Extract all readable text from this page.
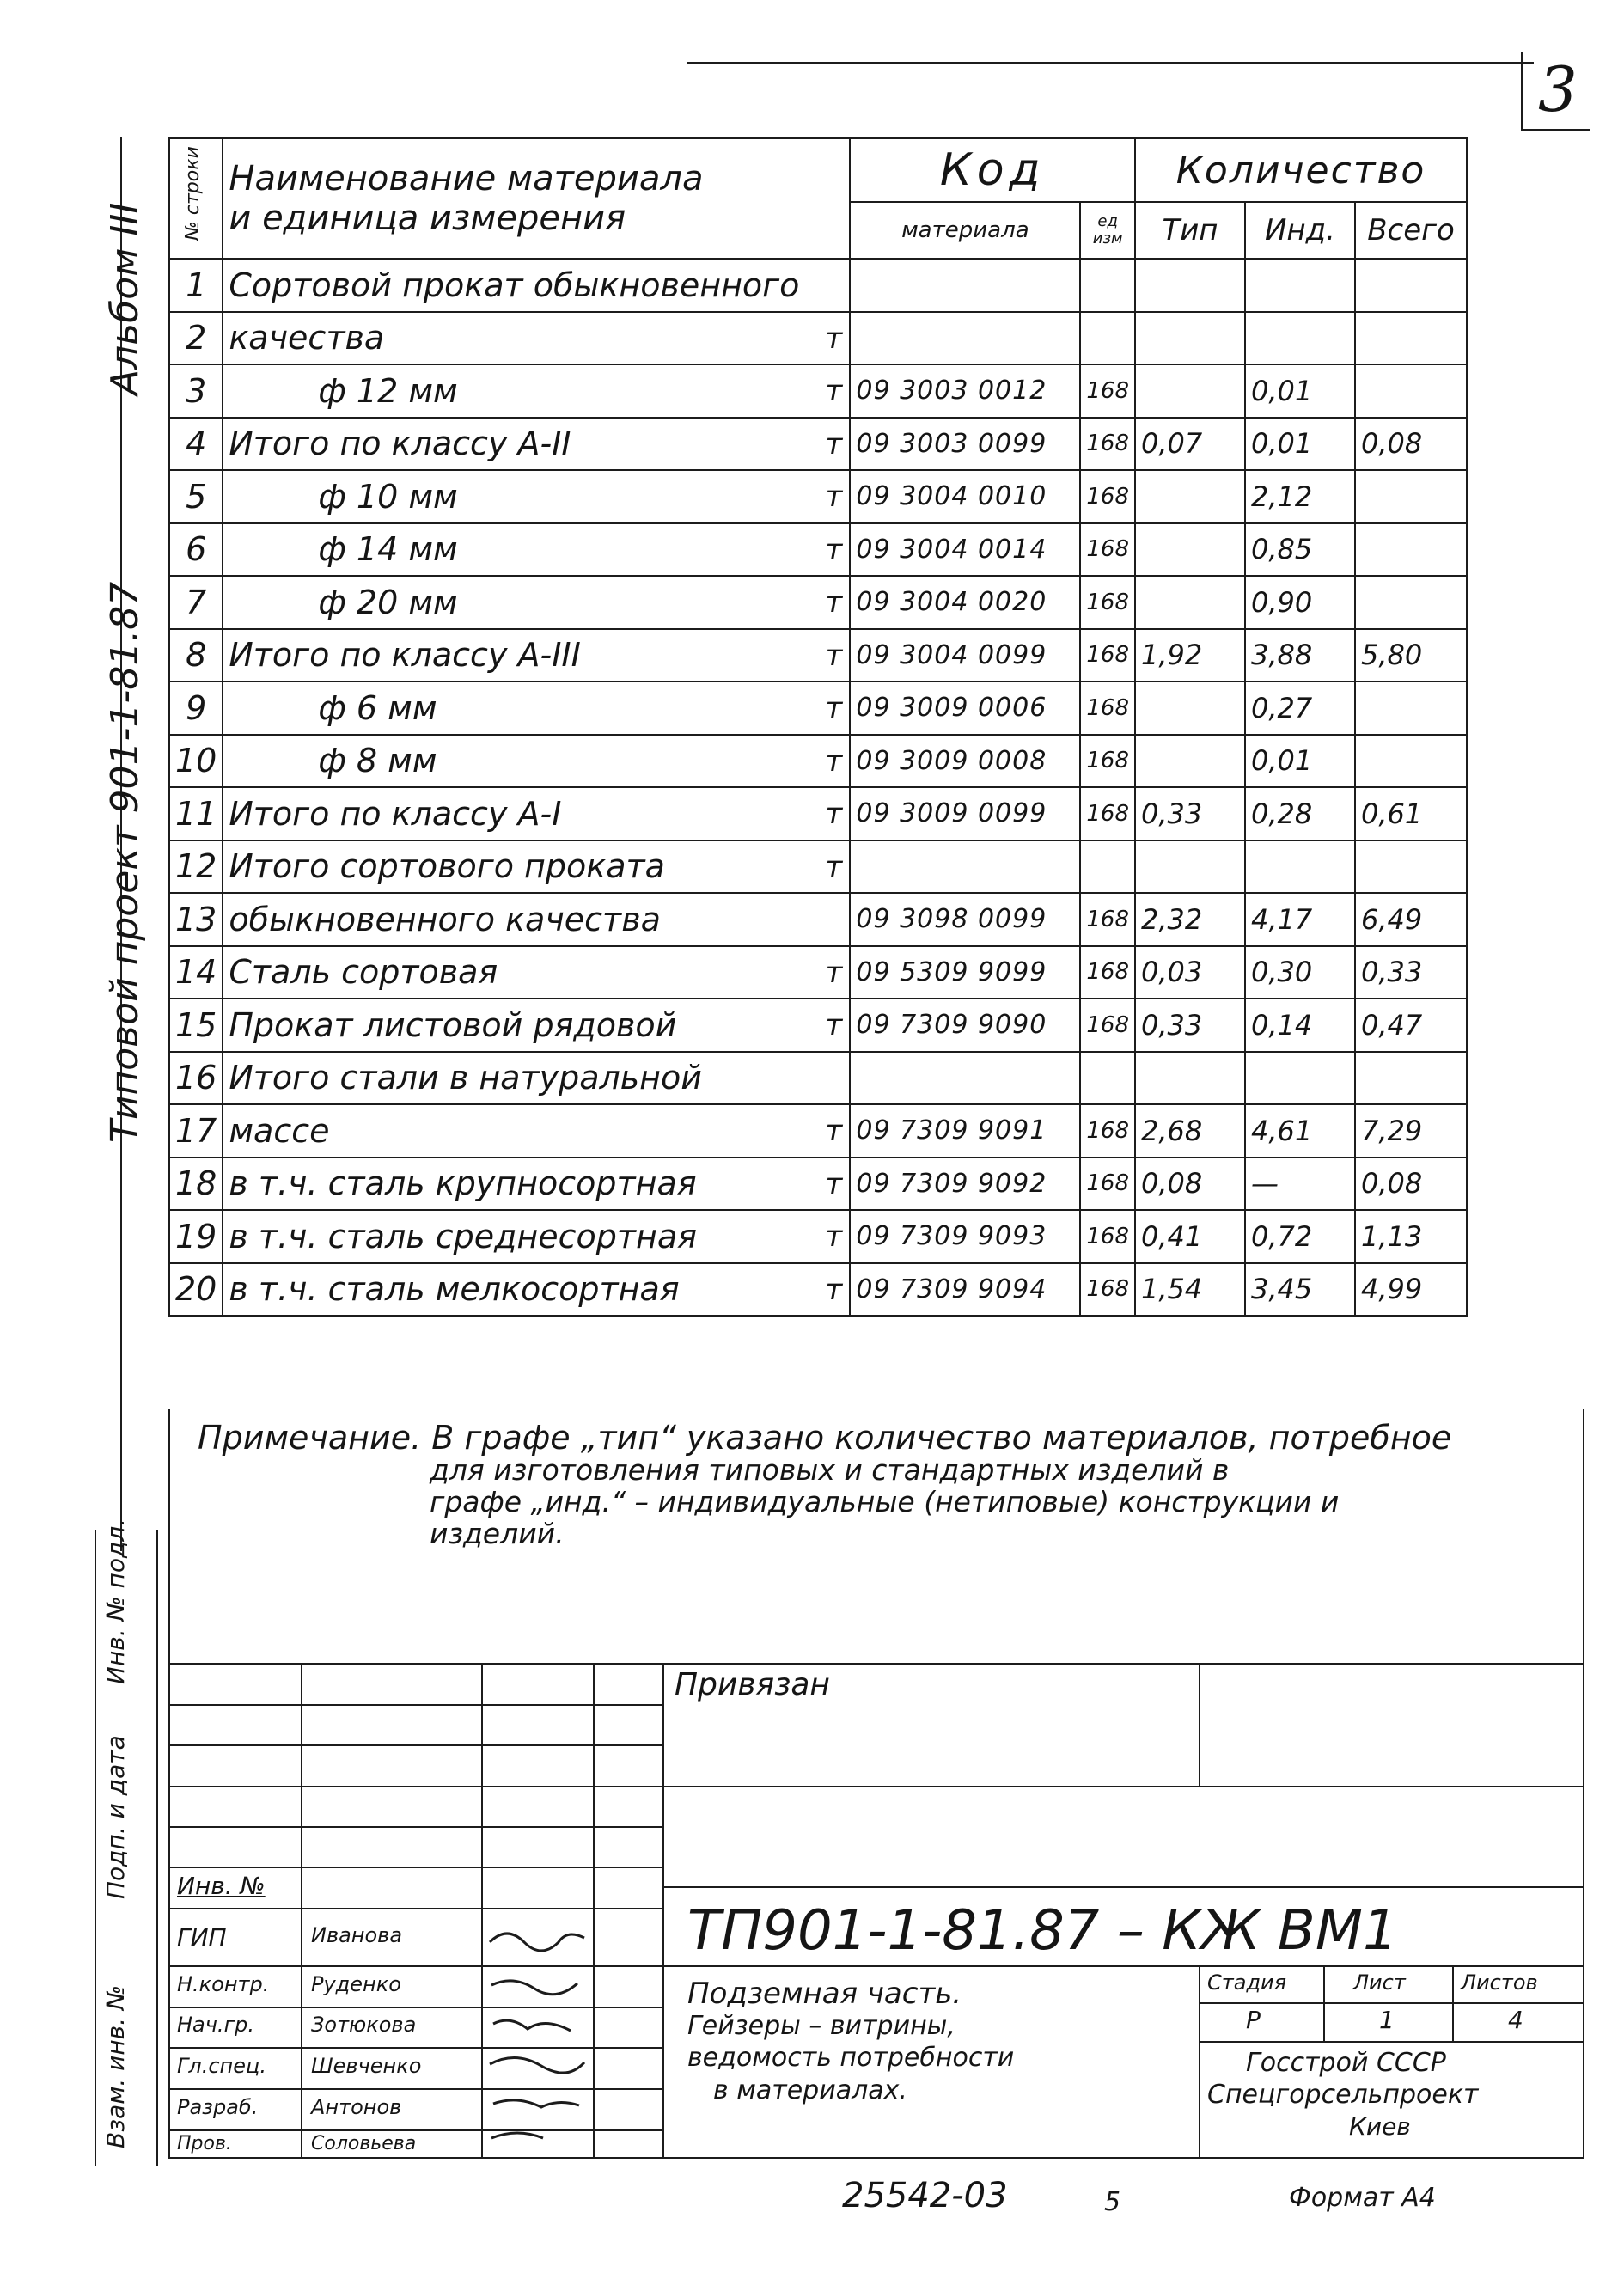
3
Альбом III
Типовой проект 901-1-81.87
Подп. и дата
Инв. № подл.
Взам. инв. №
№ строки	Наименование материала
и единица измерения	Код		Количество		
		материала	ед изм	Тип	Инд.	Всего
1	Сортовой прокат обыкновенного

2	качества т					

3	ф 12 мм т	09 3003 0012	168		0,01	
4	Итого по классу А-II т	09 3003 0099	168	0,07	0,01	0,08
5	ф 10 мм т	09 3004 0010	168		2,12	
6	ф 14 мм т	09 3004 0014	168		0,85	
7	ф 20 мм т	09 3004 0020	168		0,90	
8	Итого по классу А-III т	09 3004 0099	168	1,92	3,88	5,80
9	ф 6 мм т	09 3009 0006	168		0,27	
10	ф 8 мм т	09 3009 0008	168		0,01	
11	Итого по классу А-I т	09 3009 0099	168	0,33	0,28	0,61
12	Итого сортового проката т					

13	обыкновенного качества	09 3098 0099	168	2,32	4,17	6,49
14	Сталь сортовая т	09 5309 9099	168	0,03	0,30	0,33
15	Прокат листовой рядовой т	09 7309 9090	168	0,33	0,14	0,47
16	Итого стали в натуральной

17	массе т	09 7309 9091	168	2,68	4,61	7,29
18	в т.ч. сталь крупносортная т	09 7309 9092	168	0,08	—	0,08
19	в т.ч. сталь среднесортная т	09 7309 9093	168	0,41	0,72	1,13
20	в т.ч. сталь мелкосортная т	09 7309 9094	168	1,54	3,45	4,99
Примечание. В графе „тип“ указано количество материалов, потребное
для изготовления типовых и стандартных изделий в
графе „инд.“ – индивидуальные (нетиповые) конструкции и
изделий.
Привязан
Инв. №
ТП901-1-81.87 – КЖ ВМ1
ГИП	Иванова
Н.контр. Руденко
Нач.гр.	Зотюкова
Гл.спец. Шевченко
Разраб.	Антонов
Пров.	Соловьева
Подземная часть.
Гейзеры – витрины,
ведомость потребности
в материалах.
Стадия	Лист	Листов
Р	1	4
Госстрой СССР
Спецгорсельпроект
Киев
25542-03	5	Формат А4
